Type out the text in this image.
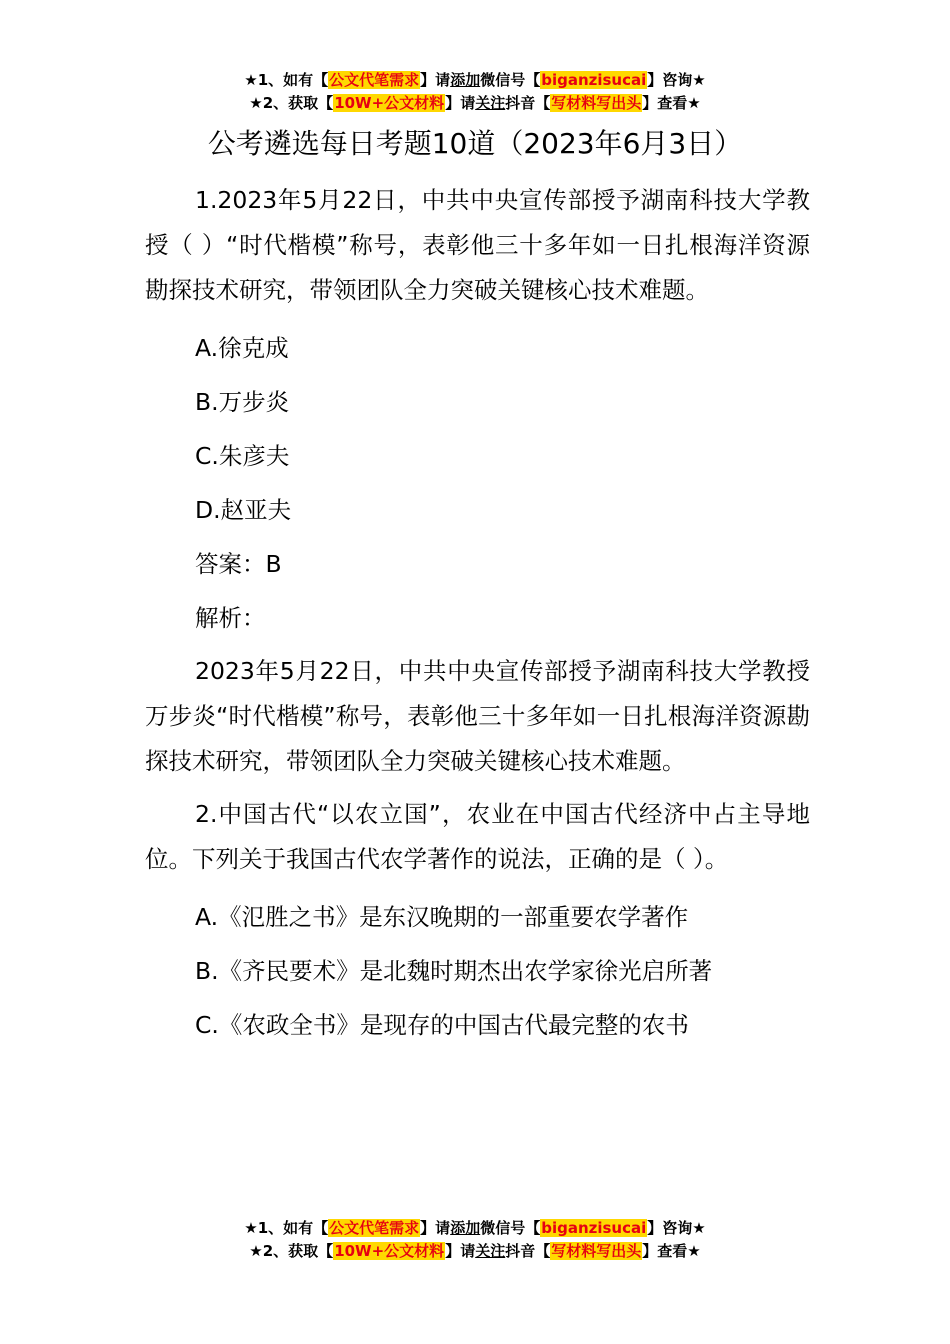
★1、如有【公文代笔需求】请添加微信号【biganzisucai】咨询★
★2、获取【10W+公文材料】请关注抖音【写材料写出头】查看★
公考遴选每日考题10道（2023年6月3日）

1.2023年5月22日，中共中央宣传部授予湖南科技大学教授（ ）“时代楷模”称号，表彰他三十多年如一日扎根海洋资源勘探技术研究，带领团队全力突破关键核心技术难题。

A.徐克成
B.万步炎
C.朱彦夫
D.赵亚夫
答案：B
解析：

2023年5月22日，中共中央宣传部授予湖南科技大学教授万步炎“时代楷模”称号，表彰他三十多年如一日扎根海洋资源勘探技术研究，带领团队全力突破关键核心技术难题。

2.中国古代“以农立国”，农业在中国古代经济中占主导地位。下列关于我国古代农学著作的说法，正确的是（ ）。

A.《氾胜之书》是东汉晚期的一部重要农学著作
B.《齐民要术》是北魏时期杰出农学家徐光启所著
C.《农政全书》是现存的中国古代最完整的农书
★1、如有【公文代笔需求】请添加微信号【biganzisucai】咨询★
★2、获取【10W+公文材料】请关注抖音【写材料写出头】查看★
